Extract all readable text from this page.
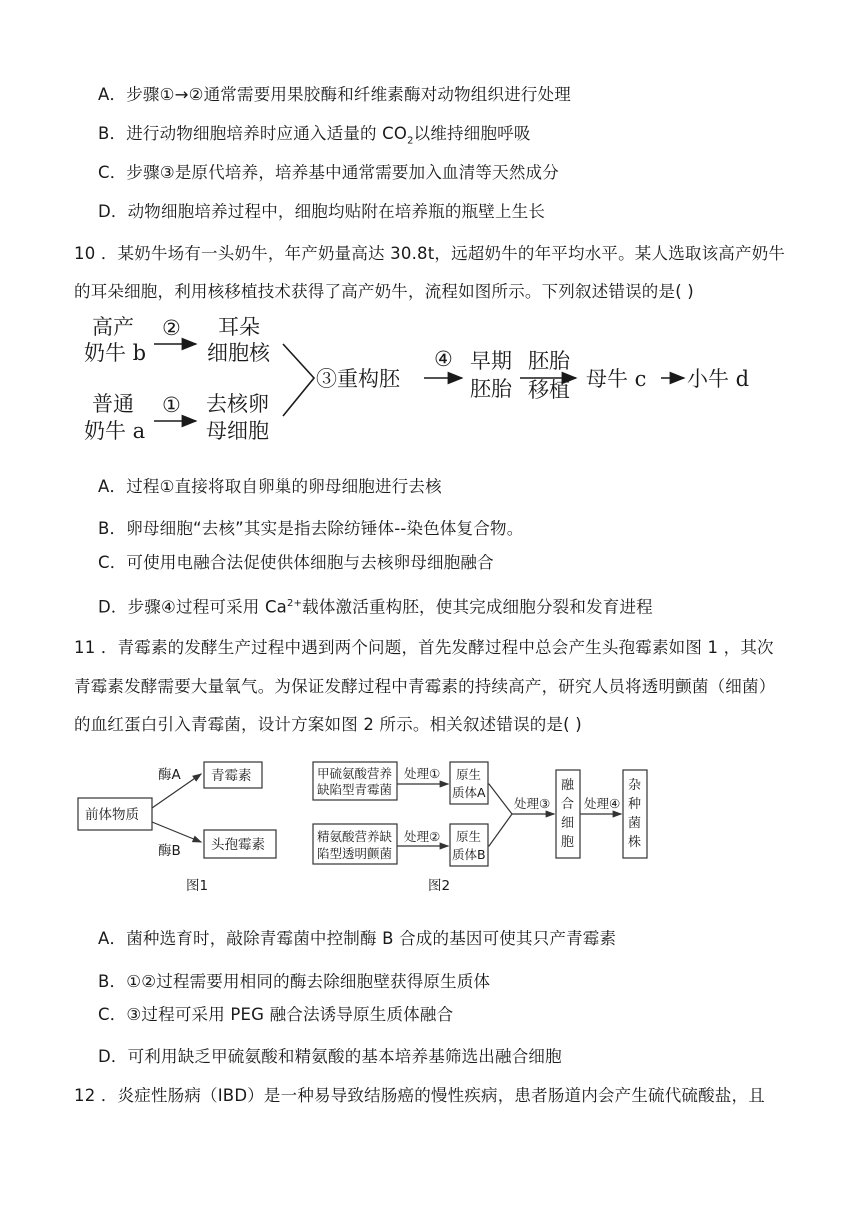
A．步骤①→②通常需要用果胶酶和纤维素酶对动物组织进行处理
B．进行动物细胞培养时应通入适量的 $CO_2$以维持细胞呼吸
C．步骤③是原代培养，培养基中通常需要加入血清等天然成分
D．动物细胞培养过程中，细胞均贴附在培养瓶的瓶壁上生长
10 ．某奶牛场有一头奶牛，年产奶量高达 30.8t，远超奶牛的年平均水平。某人选取该高产奶牛
的耳朵细胞，利用核移植技术获得了高产奶牛，流程如图所示。下列叙述错误的是( )
高产
奶牛 b
② 耳朵
细胞核
普通
奶牛 a
① 去核卵
母细胞
③重构胚
④ 早期
胚胎
胚胎
移植 母牛 c 小牛 d
A．过程①直接将取自卵巢的卵母细胞进行去核
B．卵母细胞“去核”其实是指去除纺锤体--染色体复合物。
C．可使用电融合法促使供体细胞与去核卵母细胞融合
D．步骤④过程可采用 $Ca^{2+}$载体激活重构胚，使其完成细胞分裂和发育进程
11 ．青霉素的发酵生产过程中遇到两个问题，首先发酵过程中总会产生头孢霉素如图 1 ，其次
青霉素发酵需要大量氧气。为保证发酵过程中青霉素的持续高产，研究人员将透明颤菌（细菌）
的血红蛋白引入青霉菌，设计方案如图 2 所示。相关叙述错误的是( )
前体物质
酶A
酶B
青霉素
头孢霉素
图1
甲硫氨酸营养
缺陷型青霉菌
精氨酸营养缺
陷型透明颤菌
处理①
处理②
原生
质体A
原生
质体B
处理③
融
合
细
胞
处理④
杂
种
菌
株
图2
A．菌种选育时，敲除青霉菌中控制酶 B 合成的基因可使其只产青霉素
B．①②过程需要用相同的酶去除细胞壁获得原生质体
C．③过程可采用 PEG 融合法诱导原生质体融合
D．可利用缺乏甲硫氨酸和精氨酸的基本培养基筛选出融合细胞
12 ．炎症性肠病（IBD）是一种易导致结肠癌的慢性疾病，患者肠道内会产生硫代硫酸盐，且
